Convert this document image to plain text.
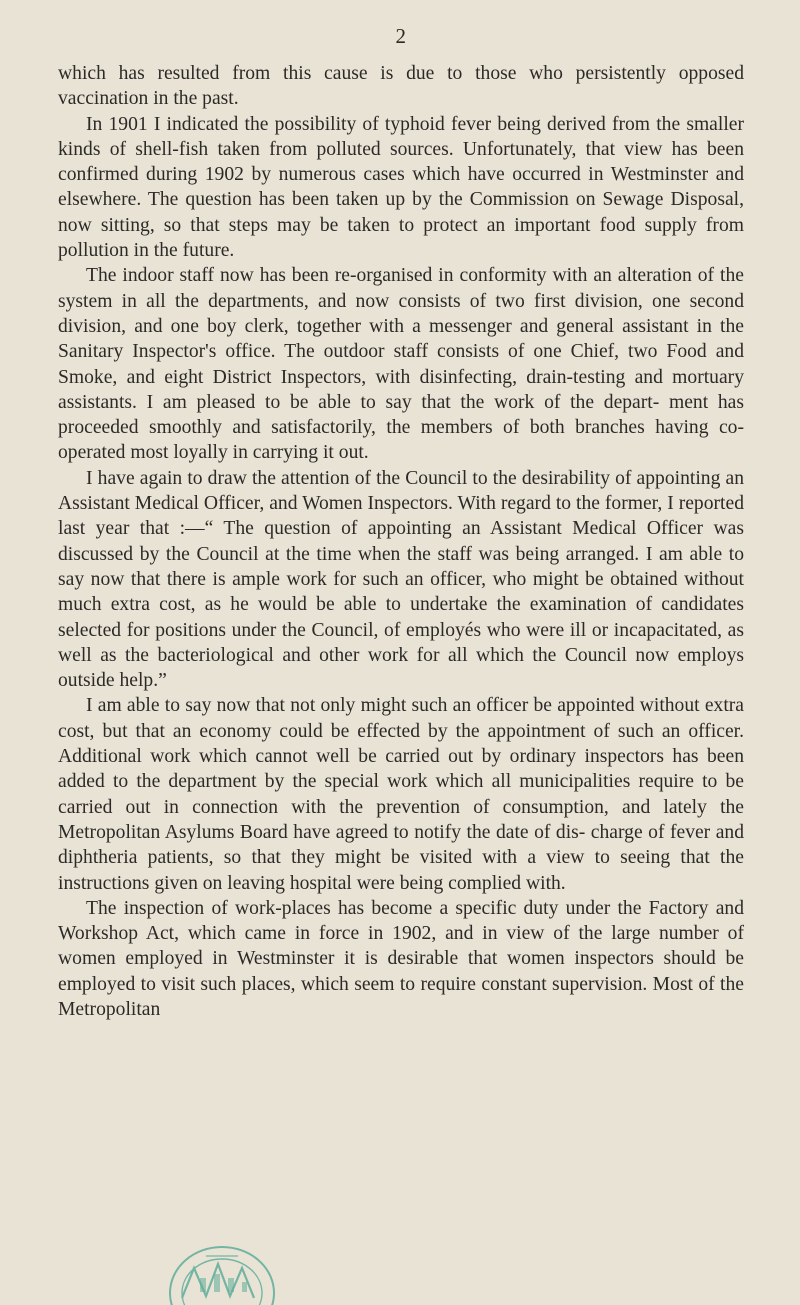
2

which has resulted from this cause is due to those who persistently opposed vaccination in the past.

In 1901 I indicated the possibility of typhoid fever being derived from the smaller kinds of shell-fish taken from polluted sources. Unfortunately, that view has been confirmed during 1902 by numerous cases which have occurred in Westminster and elsewhere. The question has been taken up by the Commission on Sewage Disposal, now sitting, so that steps may be taken to protect an important food supply from pollution in the future.

The indoor staff now has been re-organised in conformity with an alteration of the system in all the departments, and now consists of two first division, one second division, and one boy clerk, together with a messenger and general assistant in the Sanitary Inspector's office. The outdoor staff consists of one Chief, two Food and Smoke, and eight District Inspectors, with disinfecting, drain-testing and mortuary assistants. I am pleased to be able to say that the work of the depart- ment has proceeded smoothly and satisfactorily, the members of both branches having co-operated most loyally in carrying it out.

I have again to draw the attention of the Council to the desirability of appointing an Assistant Medical Officer, and Women Inspectors. With regard to the former, I reported last year that :—“ The question of appointing an Assistant Medical Officer was discussed by the Council at the time when the staff was being arranged. I am able to say now that there is ample work for such an officer, who might be obtained without much extra cost, as he would be able to undertake the examination of candidates selected for positions under the Council, of employés who were ill or incapacitated, as well as the bacteriological and other work for all which the Council now employs outside help.”

I am able to say now that not only might such an officer be appointed without extra cost, but that an economy could be effected by the appointment of such an officer. Additional work which cannot well be carried out by ordinary inspectors has been added to the department by the special work which all municipalities require to be carried out in connection with the prevention of consumption, and lately the Metropolitan Asylums Board have agreed to notify the date of dis- charge of fever and diphtheria patients, so that they might be visited with a view to seeing that the instructions given on leaving hospital were being complied with.

The inspection of work-places has become a specific duty under the Factory and Workshop Act, which came in force in 1902, and in view of the large number of women employed in Westminster it is desirable that women inspectors should be employed to visit such places, which seem to require constant supervision. Most of the Metropolitan
